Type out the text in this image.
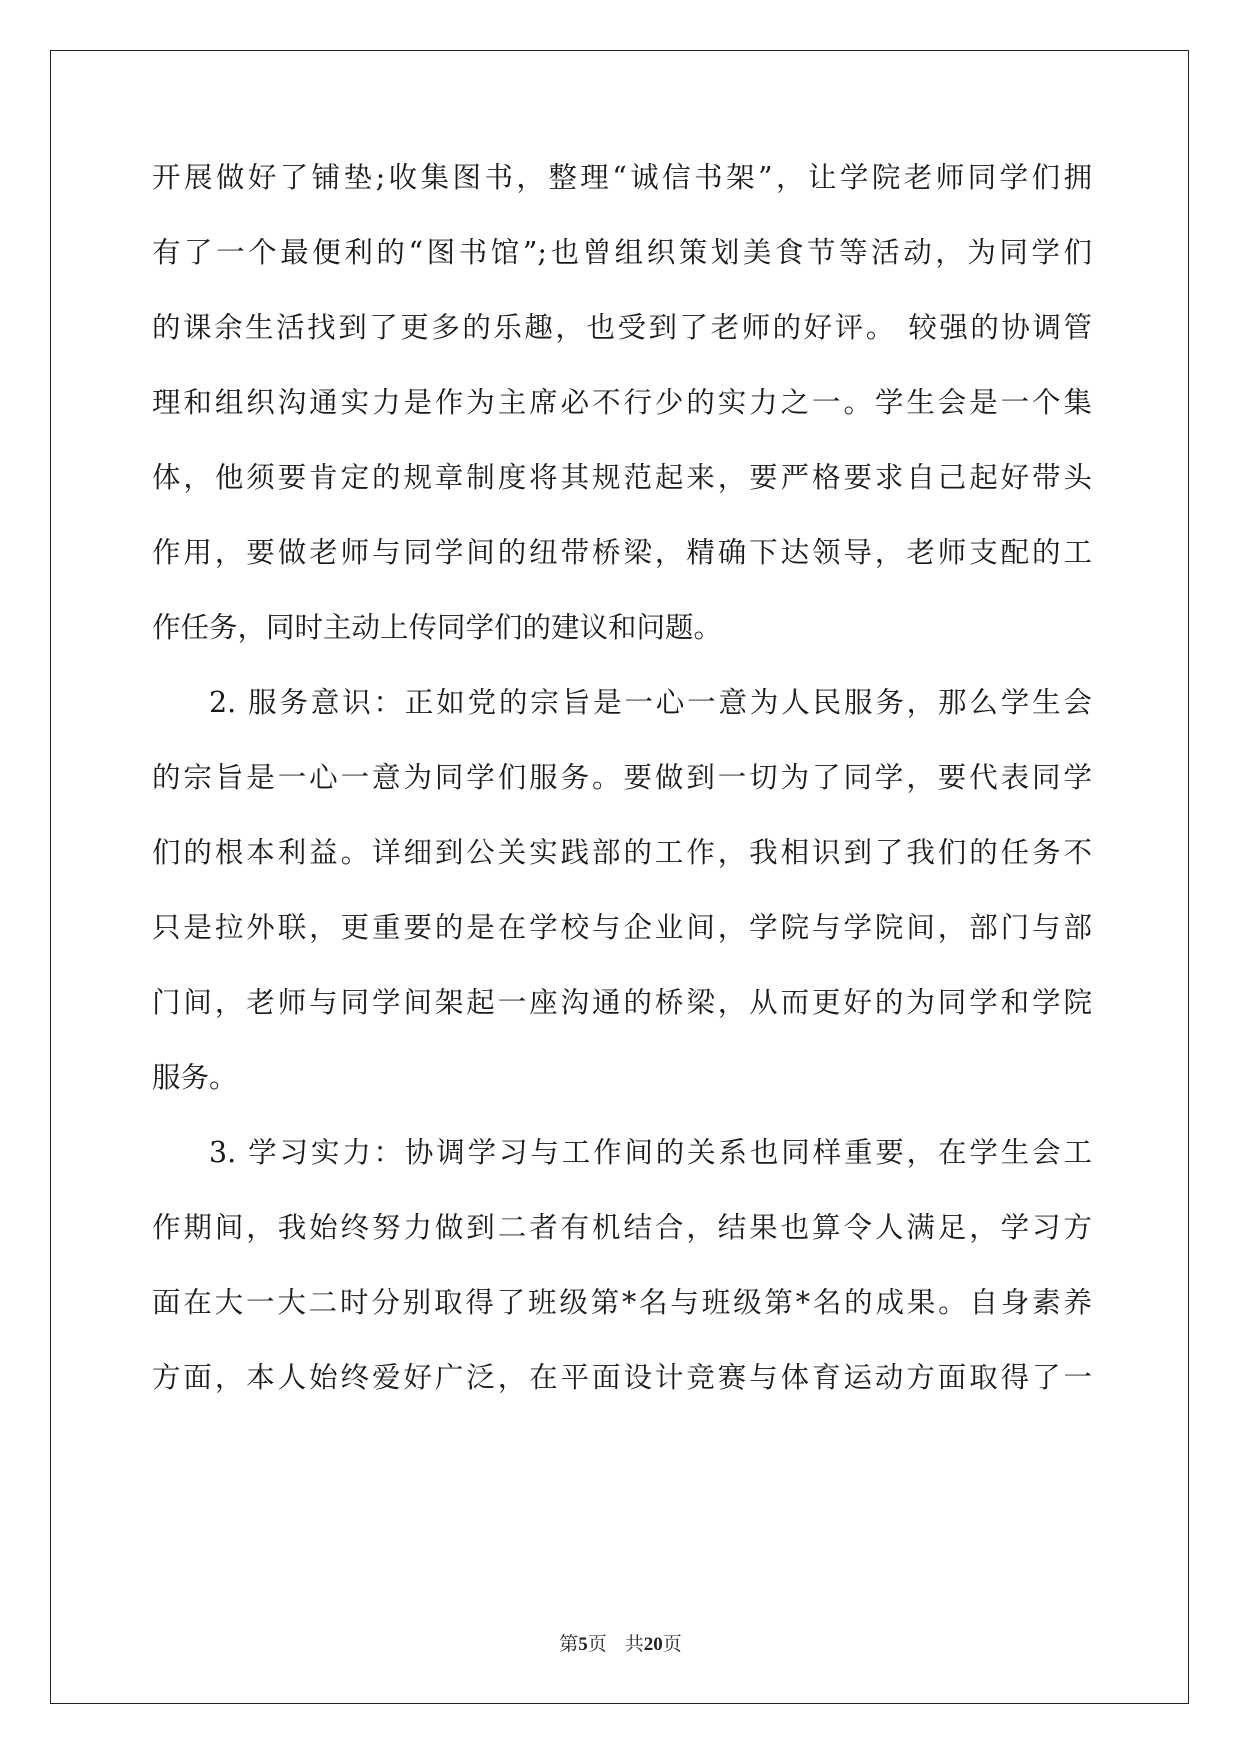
开展做好了铺垫;收集图书，整理“诚信书架”，让学院老师同学们拥
有了一个最便利的“图书馆”;也曾组织策划美食节等活动，为同学们
的课余生活找到了更多的乐趣，也受到了老师的好评。 较强的协调管
理和组织沟通实力是作为主席必不行少的实力之一。学生会是一个集
体，他须要肯定的规章制度将其规范起来，要严格要求自己起好带头
作用，要做老师与同学间的纽带桥梁，精确下达领导，老师支配的工
作任务，同时主动上传同学们的建议和问题。
2. 服务意识：正如党的宗旨是一心一意为人民服务，那么学生会
的宗旨是一心一意为同学们服务。要做到一切为了同学，要代表同学
们的根本利益。详细到公关实践部的工作，我相识到了我们的任务不
只是拉外联，更重要的是在学校与企业间，学院与学院间，部门与部
门间，老师与同学间架起一座沟通的桥梁，从而更好的为同学和学院
服务。
3. 学习实力：协调学习与工作间的关系也同样重要，在学生会工
作期间，我始终努力做到二者有机结合，结果也算令人满足，学习方
面在大一大二时分别取得了班级第*名与班级第*名的成果。自身素养
方面，本人始终爱好广泛，在平面设计竞赛与体育运动方面取得了一
第5页 共20页
